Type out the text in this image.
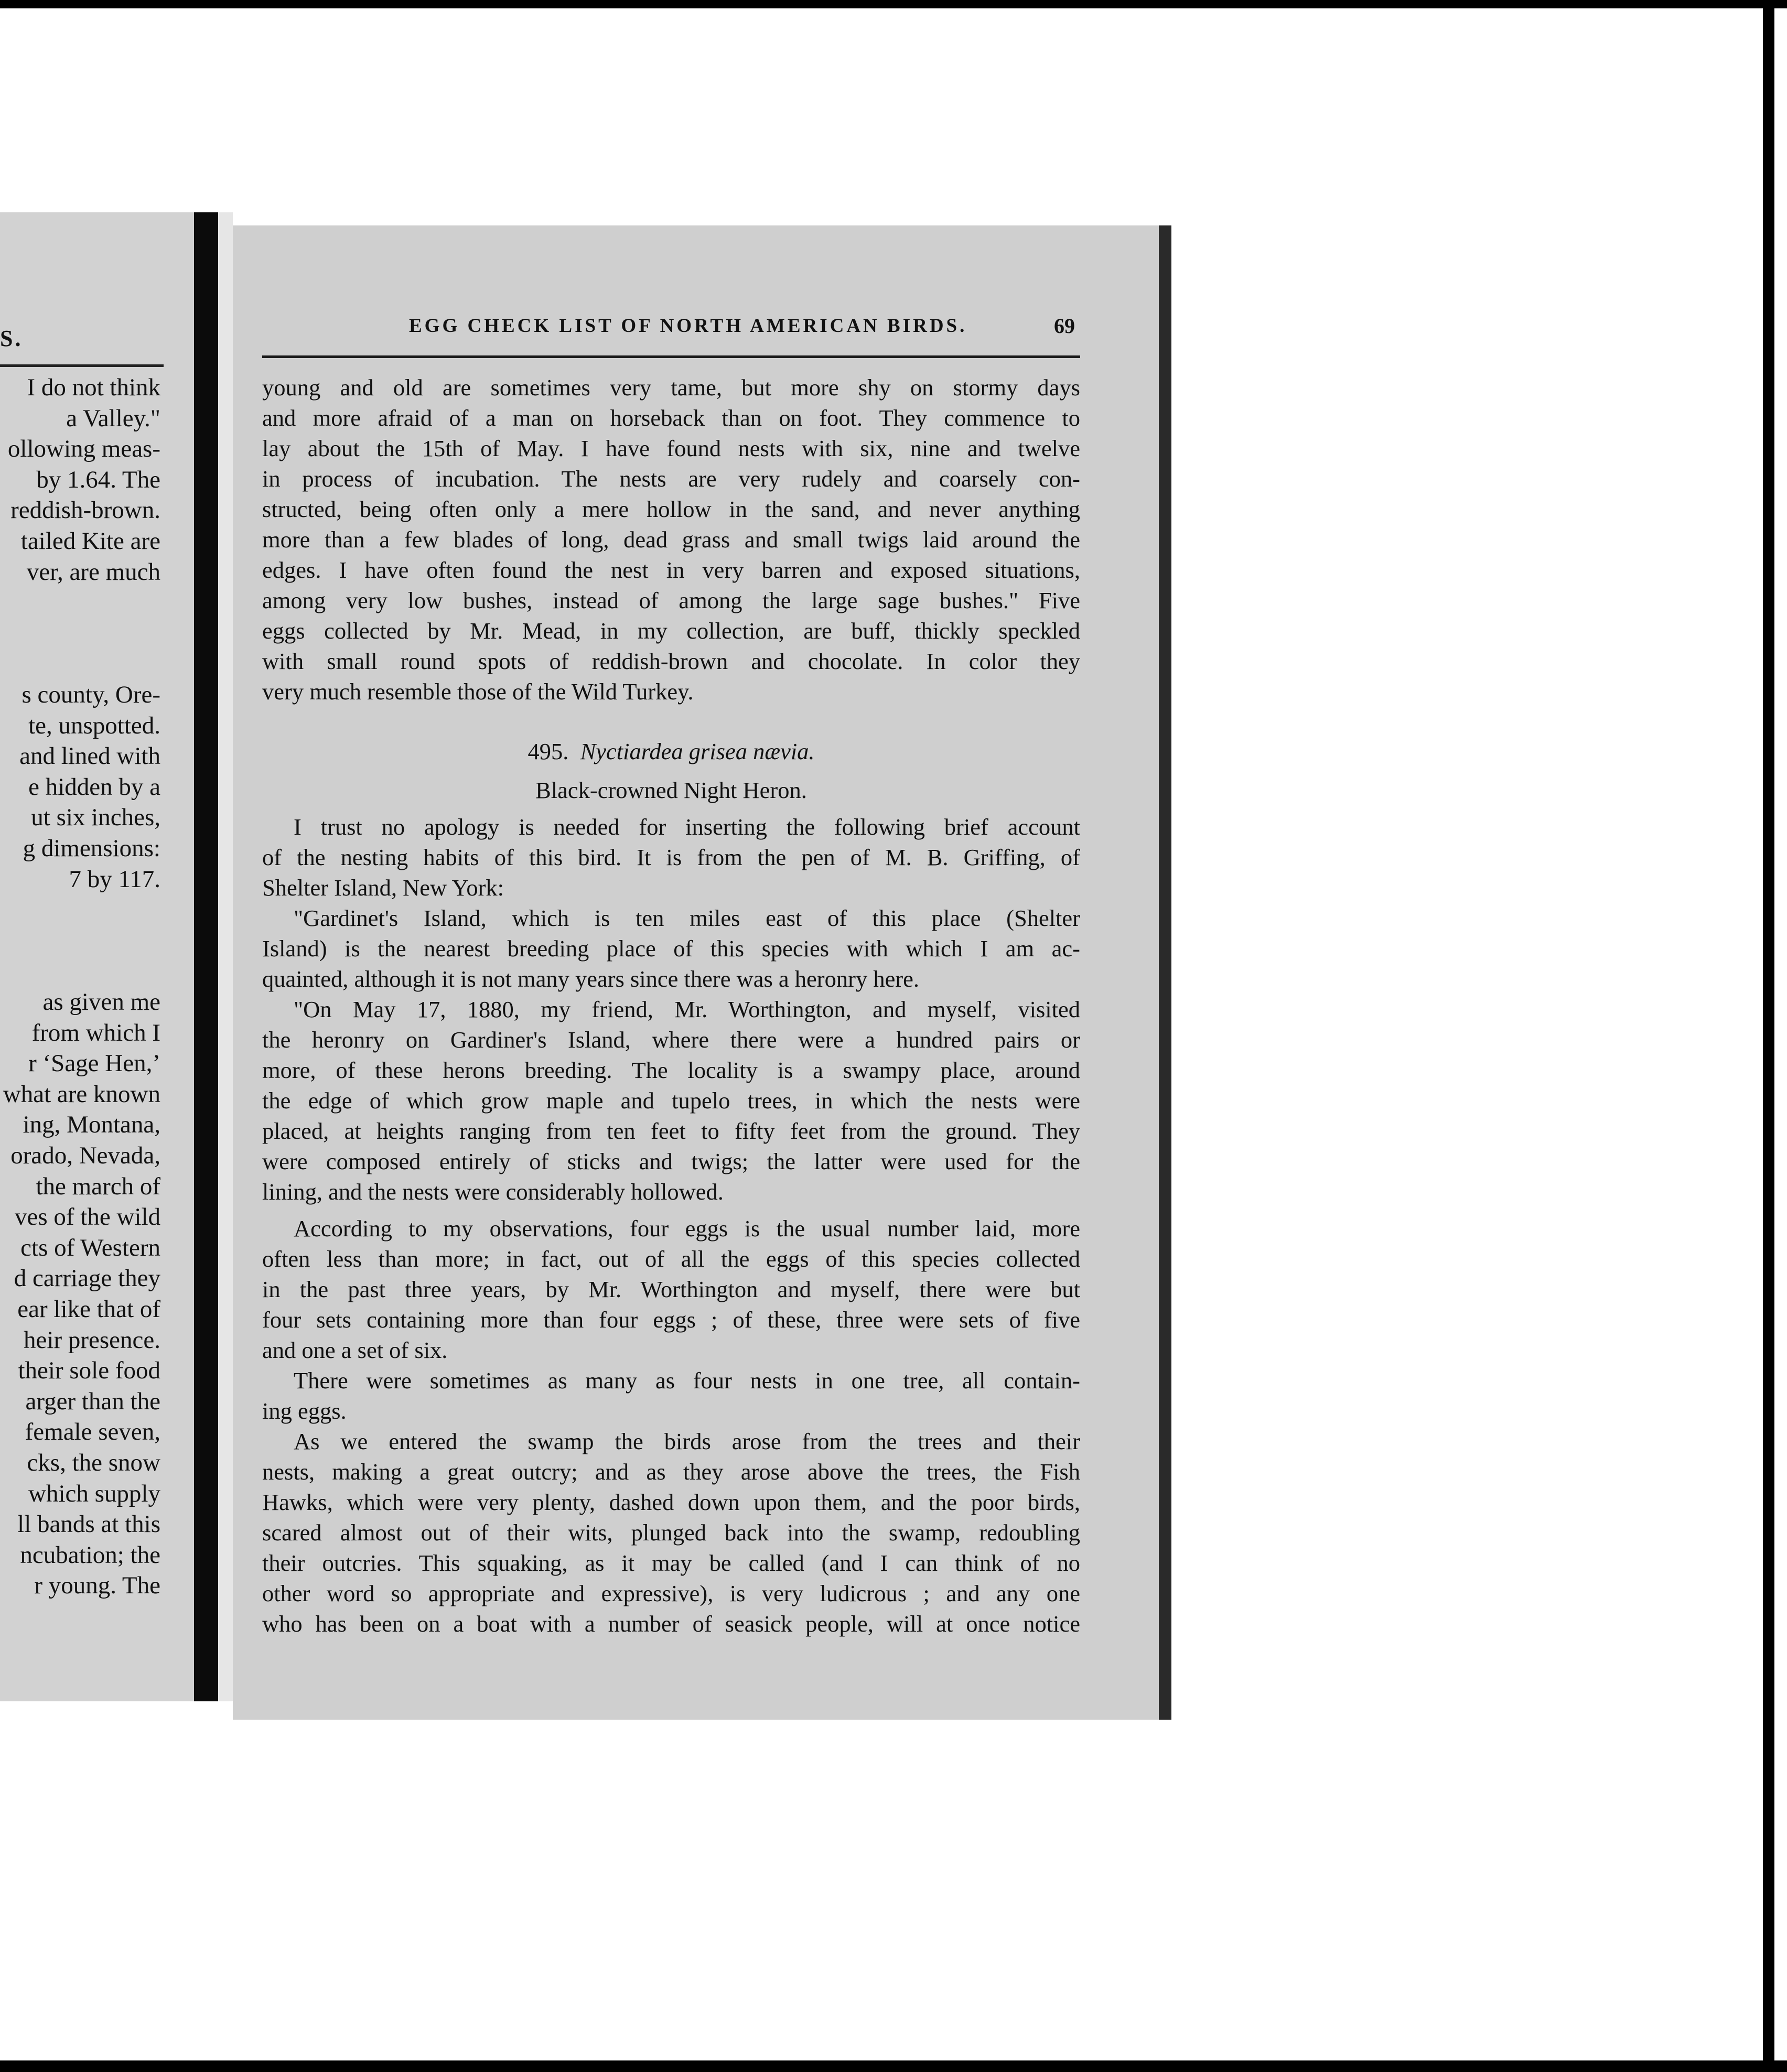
S.
I do not think
a Valley."
ollowing meas-
by 1.64. The
reddish-brown.
tailed Kite are
ver, are much
s county, Ore-
te, unspotted.
and lined with
e hidden by a
ut six inches,
g dimensions:
7 by 117.
as given me
from which I
r ‘Sage Hen,’
what are known
ing, Montana,
orado, Nevada,
the march of
ves of the wild
cts of Western
d carriage they
ear like that of
heir presence.
their sole food
arger than the
female seven,
cks, the snow
which supply
ll bands at this
ncubation; the
r young. The
EGG CHECK LIST OF NORTH AMERICAN BIRDS.	69
young and old are sometimes very tame, but more shy on stormy days
and more afraid of a man on horseback than on foot. They commence to
lay about the 15th of May. I have found nests with six, nine and twelve
in process of incubation. The nests are very rudely and coarsely con-
structed, being often only a mere hollow in the sand, and never anything
more than a few blades of long, dead grass and small twigs laid around the
edges. I have often found the nest in very barren and exposed situations,
among very low bushes, instead of among the large sage bushes." Five
eggs collected by Mr. Mead, in my collection, are buff, thickly speckled
with small round spots of reddish-brown and chocolate. In color they
very much resemble those of the Wild Turkey.
495. Nyctiardea grisea nævia.
Black-crowned Night Heron.
I trust no apology is needed for inserting the following brief account
of the nesting habits of this bird. It is from the pen of M. B. Griffing, of
Shelter Island, New York:
"Gardinet's Island, which is ten miles east of this place (Shelter
Island) is the nearest breeding place of this species with which I am ac-
quainted, although it is not many years since there was a heronry here.
"On May 17, 1880, my friend, Mr. Worthington, and myself, visited
the heronry on Gardiner's Island, where there were a hundred pairs or
more, of these herons breeding. The locality is a swampy place, around
the edge of which grow maple and tupelo trees, in which the nests were
placed, at heights ranging from ten feet to fifty feet from the ground. They
were composed entirely of sticks and twigs; the latter were used for the
lining, and the nests were considerably hollowed.
According to my observations, four eggs is the usual number laid, more
often less than more; in fact, out of all the eggs of this species collected
in the past three years, by Mr. Worthington and myself, there were but
four sets containing more than four eggs ; of these, three were sets of five
and one a set of six.
There were sometimes as many as four nests in one tree, all contain-
ing eggs.
As we entered the swamp the birds arose from the trees and their
nests, making a great outcry; and as they arose above the trees, the Fish
Hawks, which were very plenty, dashed down upon them, and the poor birds,
scared almost out of their wits, plunged back into the swamp, redoubling
their outcries. This squaking, as it may be called (and I can think of no
other word so appropriate and expressive), is very ludicrous ; and any one
who has been on a boat with a number of seasick people, will at once notice
